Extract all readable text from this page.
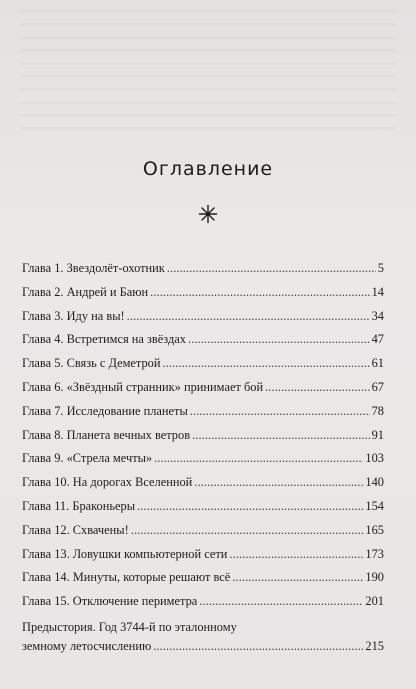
Оглавление
Глава 1. Звездолёт-охотник . . .	5
Глава 2. Андрей и Баюн . . .	14
Глава 3. Иду на вы! . . .	34
Глава 4. Встретимся на звёздах . . .	47
Глава 5. Связь с Деметрой . . .	61
Глава 6. «Звёздный странник» принимает бой . . .	67
Глава 7. Исследование планеты . . .	78
Глава 8. Планета вечных ветров . . .	91
Глава 9. «Стрела мечты» . . .	103
Глава 10. На дорогах Вселенной . . .	140
Глава 11. Браконьеры . . .	154
Глава 12. Схвачены! . . .	165
Глава 13. Ловушки компьютерной сети . . .	173
Глава 14. Минуты, которые решают всё . . .	190
Глава 15. Отключение периметра . . .	201
Предыстория. Год 3744-й по эталонному
земному летосчислению . . .	215
